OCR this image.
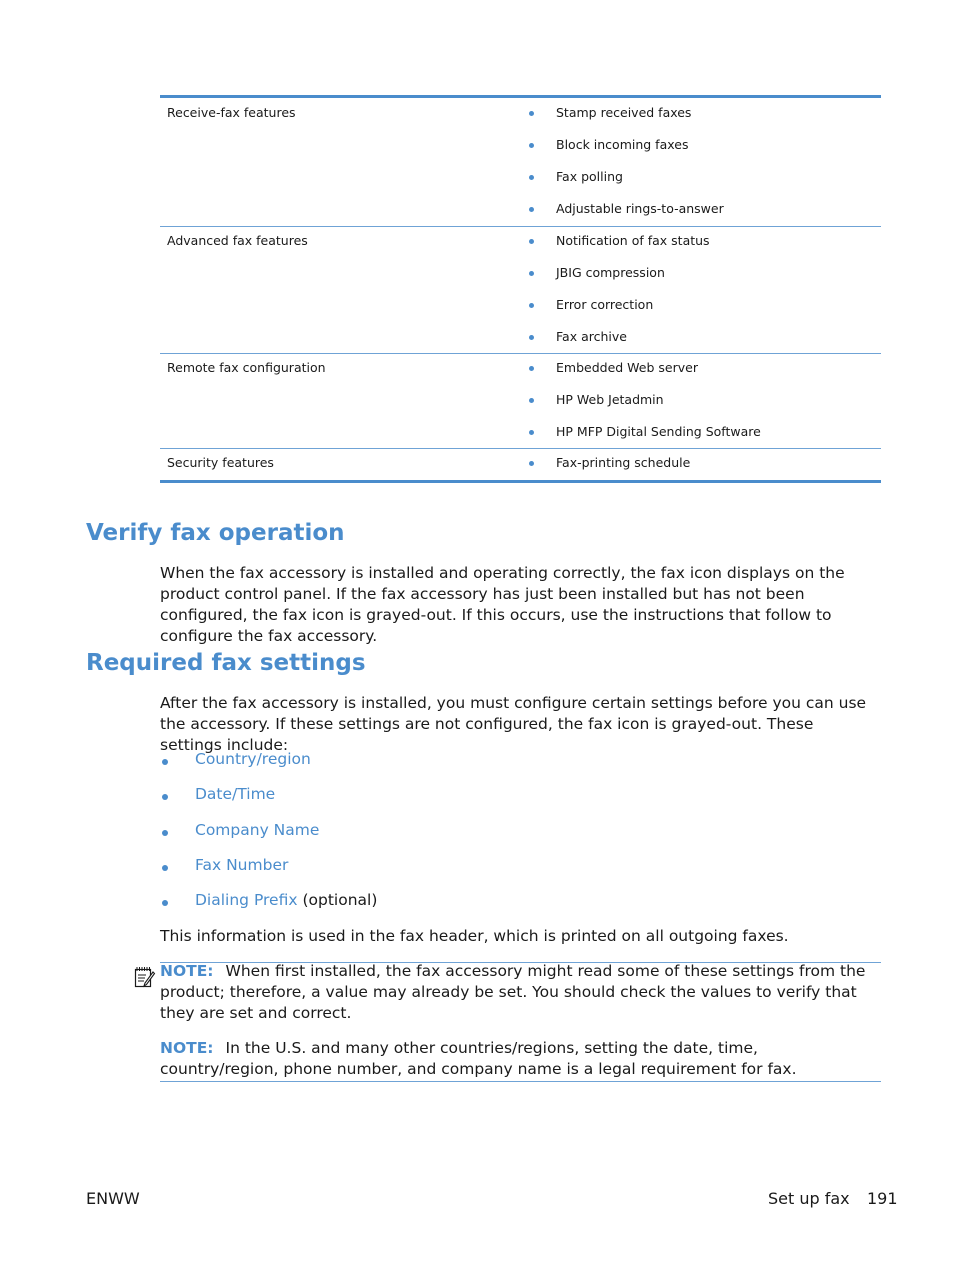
Receive-fax features	Stamp received faxes
Block incoming faxes
Fax polling
Adjustable rings-to-answer
Advanced fax features	Notification of fax status
JBIG compression
Error correction
Fax archive
Remote fax configuration	Embedded Web server
HP Web Jetadmin
HP MFP Digital Sending Software
Security features	Fax-printing schedule
Verify fax operation
When the fax accessory is installed and operating correctly, the fax icon displays on the product control panel. If the fax accessory has just been installed but has not been configured, the fax icon is grayed-out. If this occurs, use the instructions that follow to configure the fax accessory.
Required fax settings
After the fax accessory is installed, you must configure certain settings before you can use the accessory. If these settings are not configured, the fax icon is grayed-out. These settings include:
Country/region
Date/Time
Company Name
Fax Number
Dialing Prefix (optional)
This information is used in the fax header, which is printed on all outgoing faxes.
NOTE: When first installed, the fax accessory might read some of these settings from the product; therefore, a value may already be set. You should check the values to verify that they are set and correct.
NOTE: In the U.S. and many other countries/regions, setting the date, time, country/region, phone number, and company name is a legal requirement for fax.
ENWW	Set up fax 191
